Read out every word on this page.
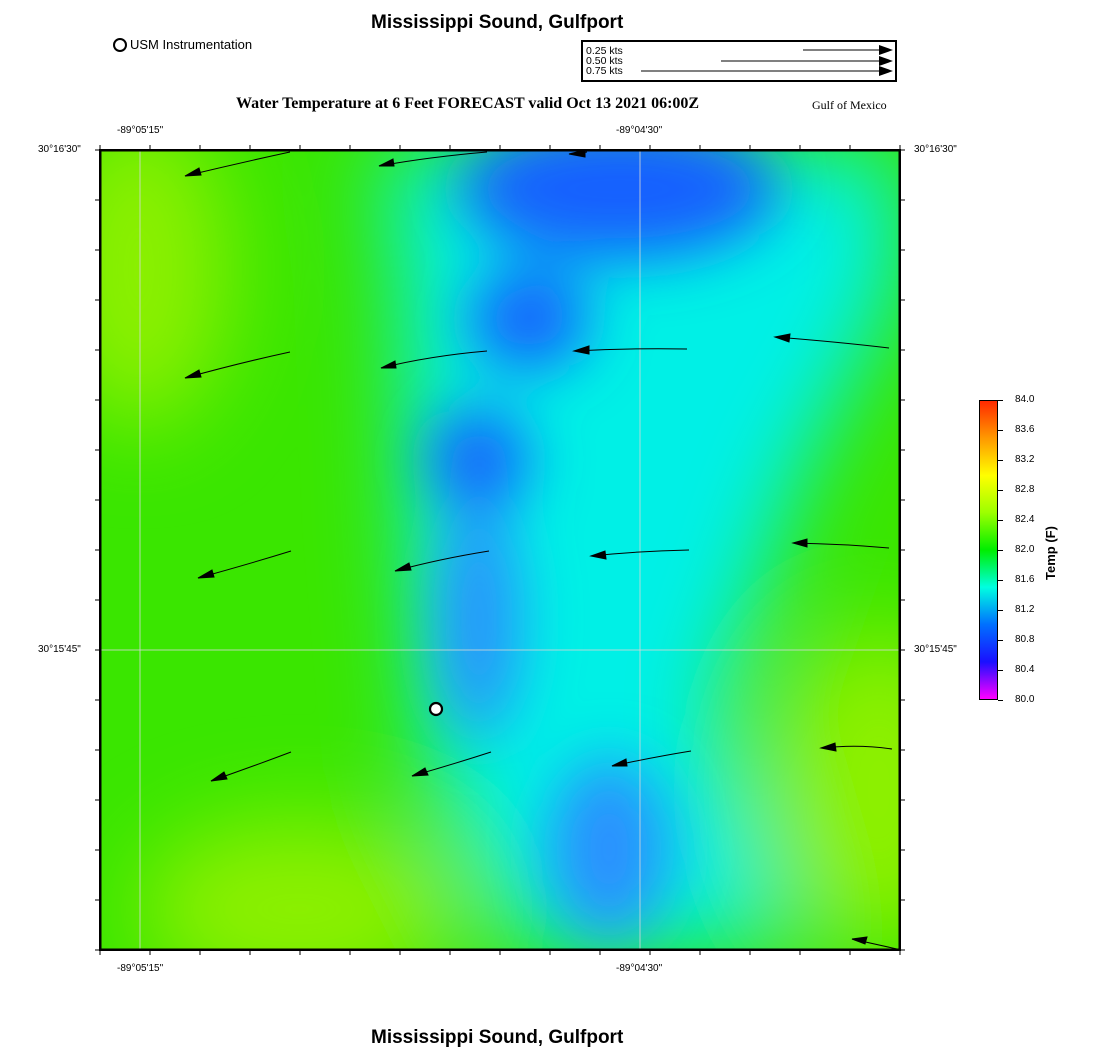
Mississippi Sound, Gulfport
Water Temperature at 6 Feet FORECAST valid Oct 13 2021 06:00Z	Gulf of Mexico
Mississippi Sound, Gulfport
USM Instrumentation	0.25 kts
0.50 kts
0.75 kts
-89°05'15"	-89°04'30"
-89°05'15"	-89°04'30"
30°16'30"
30°15'45"
30°16'30"
30°15'45"
84.0
83.6
83.2
82.8
82.4
82.0
81.6
81.2
80.8
80.4
80.0
Temp (F)
